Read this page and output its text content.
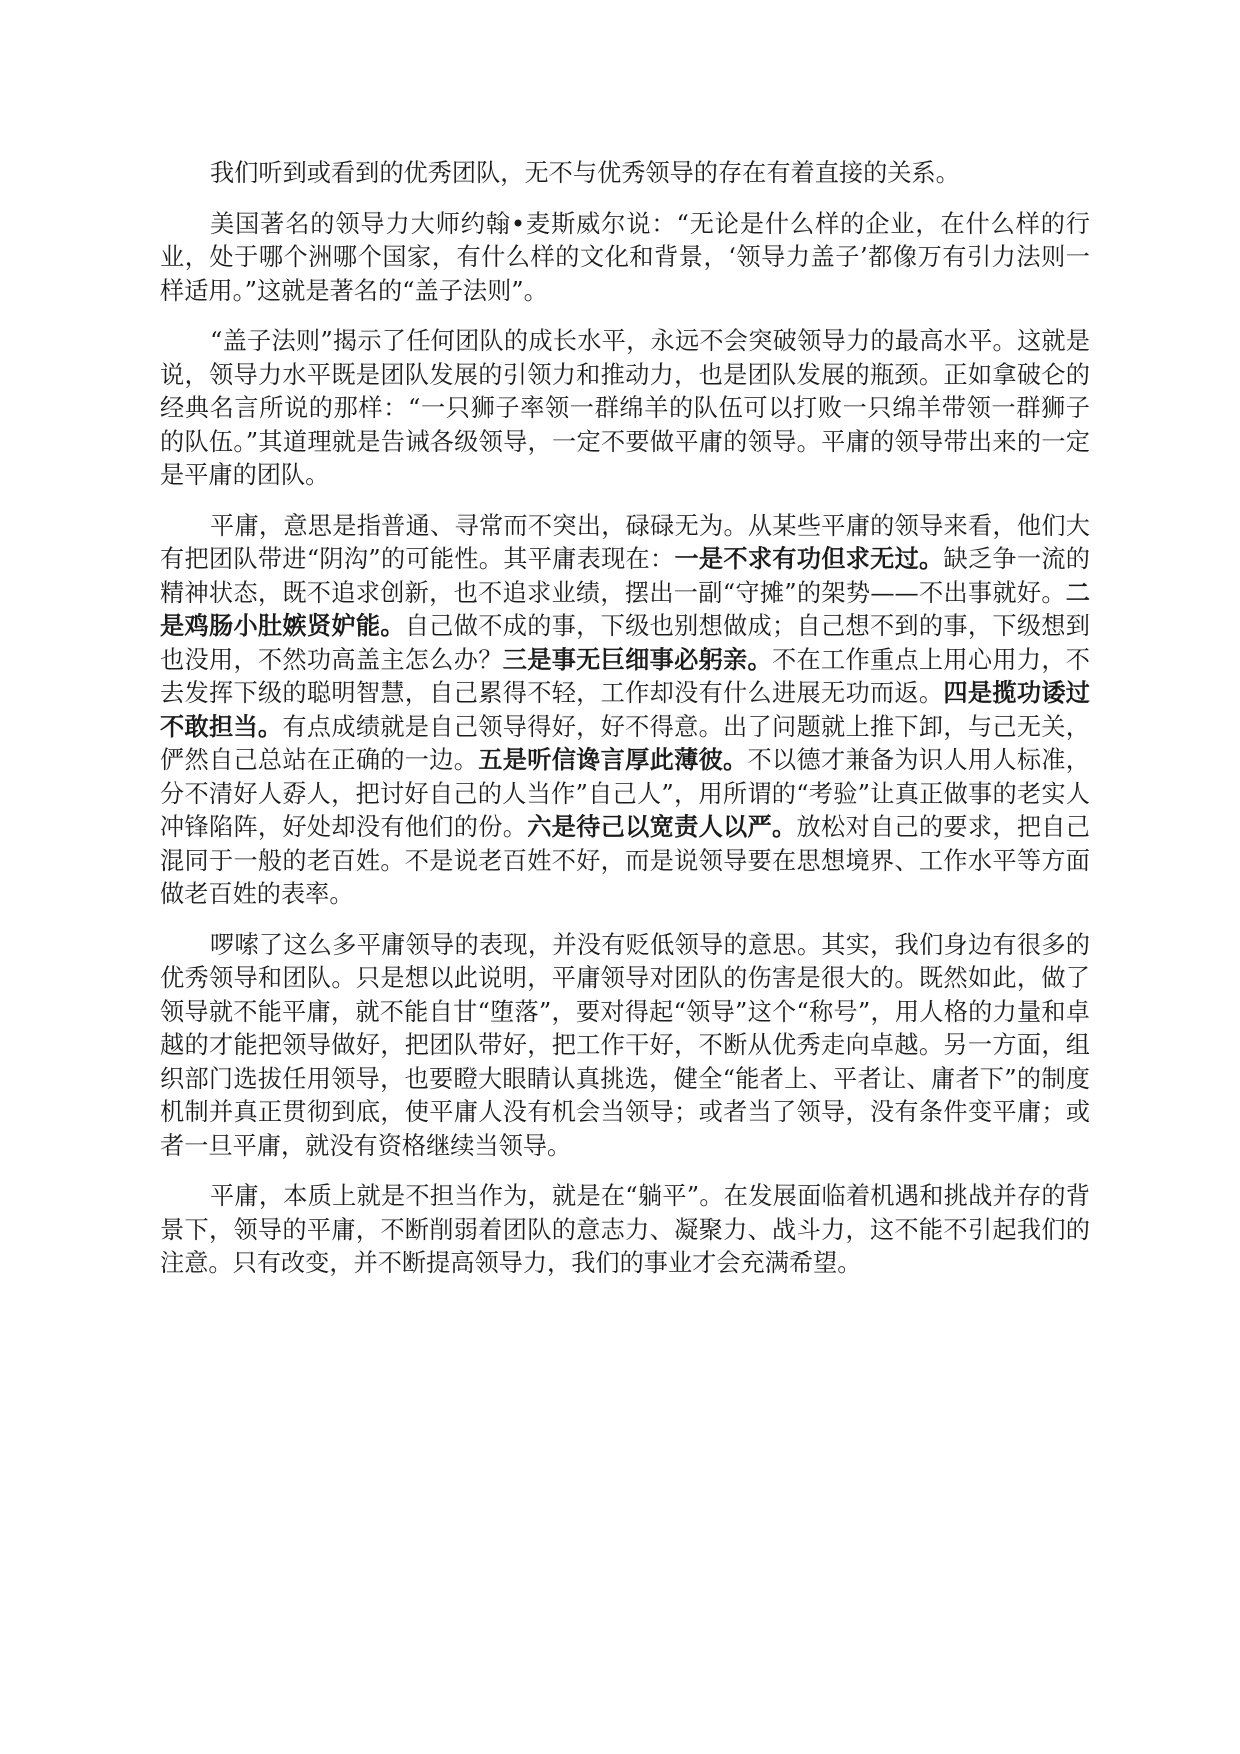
我们听到或看到的优秀团队，无不与优秀领导的存在有着直接的关系。

美国著名的领导力大师约翰•麦斯威尔说：“无论是什么样的企业，在什么样的行业，处于哪个洲哪个国家，有什么样的文化和背景，‘领导力盖子’都像万有引力法则一样适用。”这就是著名的“盖子法则”。

“盖子法则”揭示了任何团队的成长水平，永远不会突破领导力的最高水平。这就是说，领导力水平既是团队发展的引领力和推动力，也是团队发展的瓶颈。正如拿破仑的经典名言所说的那样：“一只狮子率领一群绵羊的队伍可以打败一只绵羊带领一群狮子的队伍。”其道理就是告诫各级领导，一定不要做平庸的领导。平庸的领导带出来的一定是平庸的团队。

平庸，意思是指普通、寻常而不突出，碌碌无为。从某些平庸的领导来看，他们大有把团队带进“阴沟”的可能性。其平庸表现在：一是不求有功但求无过。缺乏争一流的精神状态，既不追求创新，也不追求业绩，摆出一副“守摊”的架势——不出事就好。二是鸡肠小肚嫉贤妒能。自己做不成的事，下级也别想做成；自己想不到的事，下级想到也没用，不然功高盖主怎么办？三是事无巨细事必躬亲。不在工作重点上用心用力，不去发挥下级的聪明智慧，自己累得不轻，工作却没有什么进展无功而返。四是揽功诿过不敢担当。有点成绩就是自己领导得好，好不得意。出了问题就上推下卸，与己无关，俨然自己总站在正确的一边。五是听信谗言厚此薄彼。不以德才兼备为识人用人标准，分不清好人孬人，把讨好自己的人当作”自己人”，用所谓的“考验”让真正做事的老实人冲锋陷阵，好处却没有他们的份。六是待己以宽责人以严。放松对自己的要求，把自己混同于一般的老百姓。不是说老百姓不好，而是说领导要在思想境界、工作水平等方面做老百姓的表率。

啰嗦了这么多平庸领导的表现，并没有贬低领导的意思。其实，我们身边有很多的优秀领导和团队。只是想以此说明，平庸领导对团队的伤害是很大的。既然如此，做了领导就不能平庸，就不能自甘“堕落”，要对得起“领导”这个“称号”，用人格的力量和卓越的才能把领导做好，把团队带好，把工作干好，不断从优秀走向卓越。另一方面，组织部门选拔任用领导，也要瞪大眼睛认真挑选，健全“能者上、平者让、庸者下”的制度机制并真正贯彻到底，使平庸人没有机会当领导；或者当了领导，没有条件变平庸；或者一旦平庸，就没有资格继续当领导。

平庸，本质上就是不担当作为，就是在“躺平”。在发展面临着机遇和挑战并存的背景下，领导的平庸，不断削弱着团队的意志力、凝聚力、战斗力，这不能不引起我们的注意。只有改变，并不断提高领导力，我们的事业才会充满希望。
